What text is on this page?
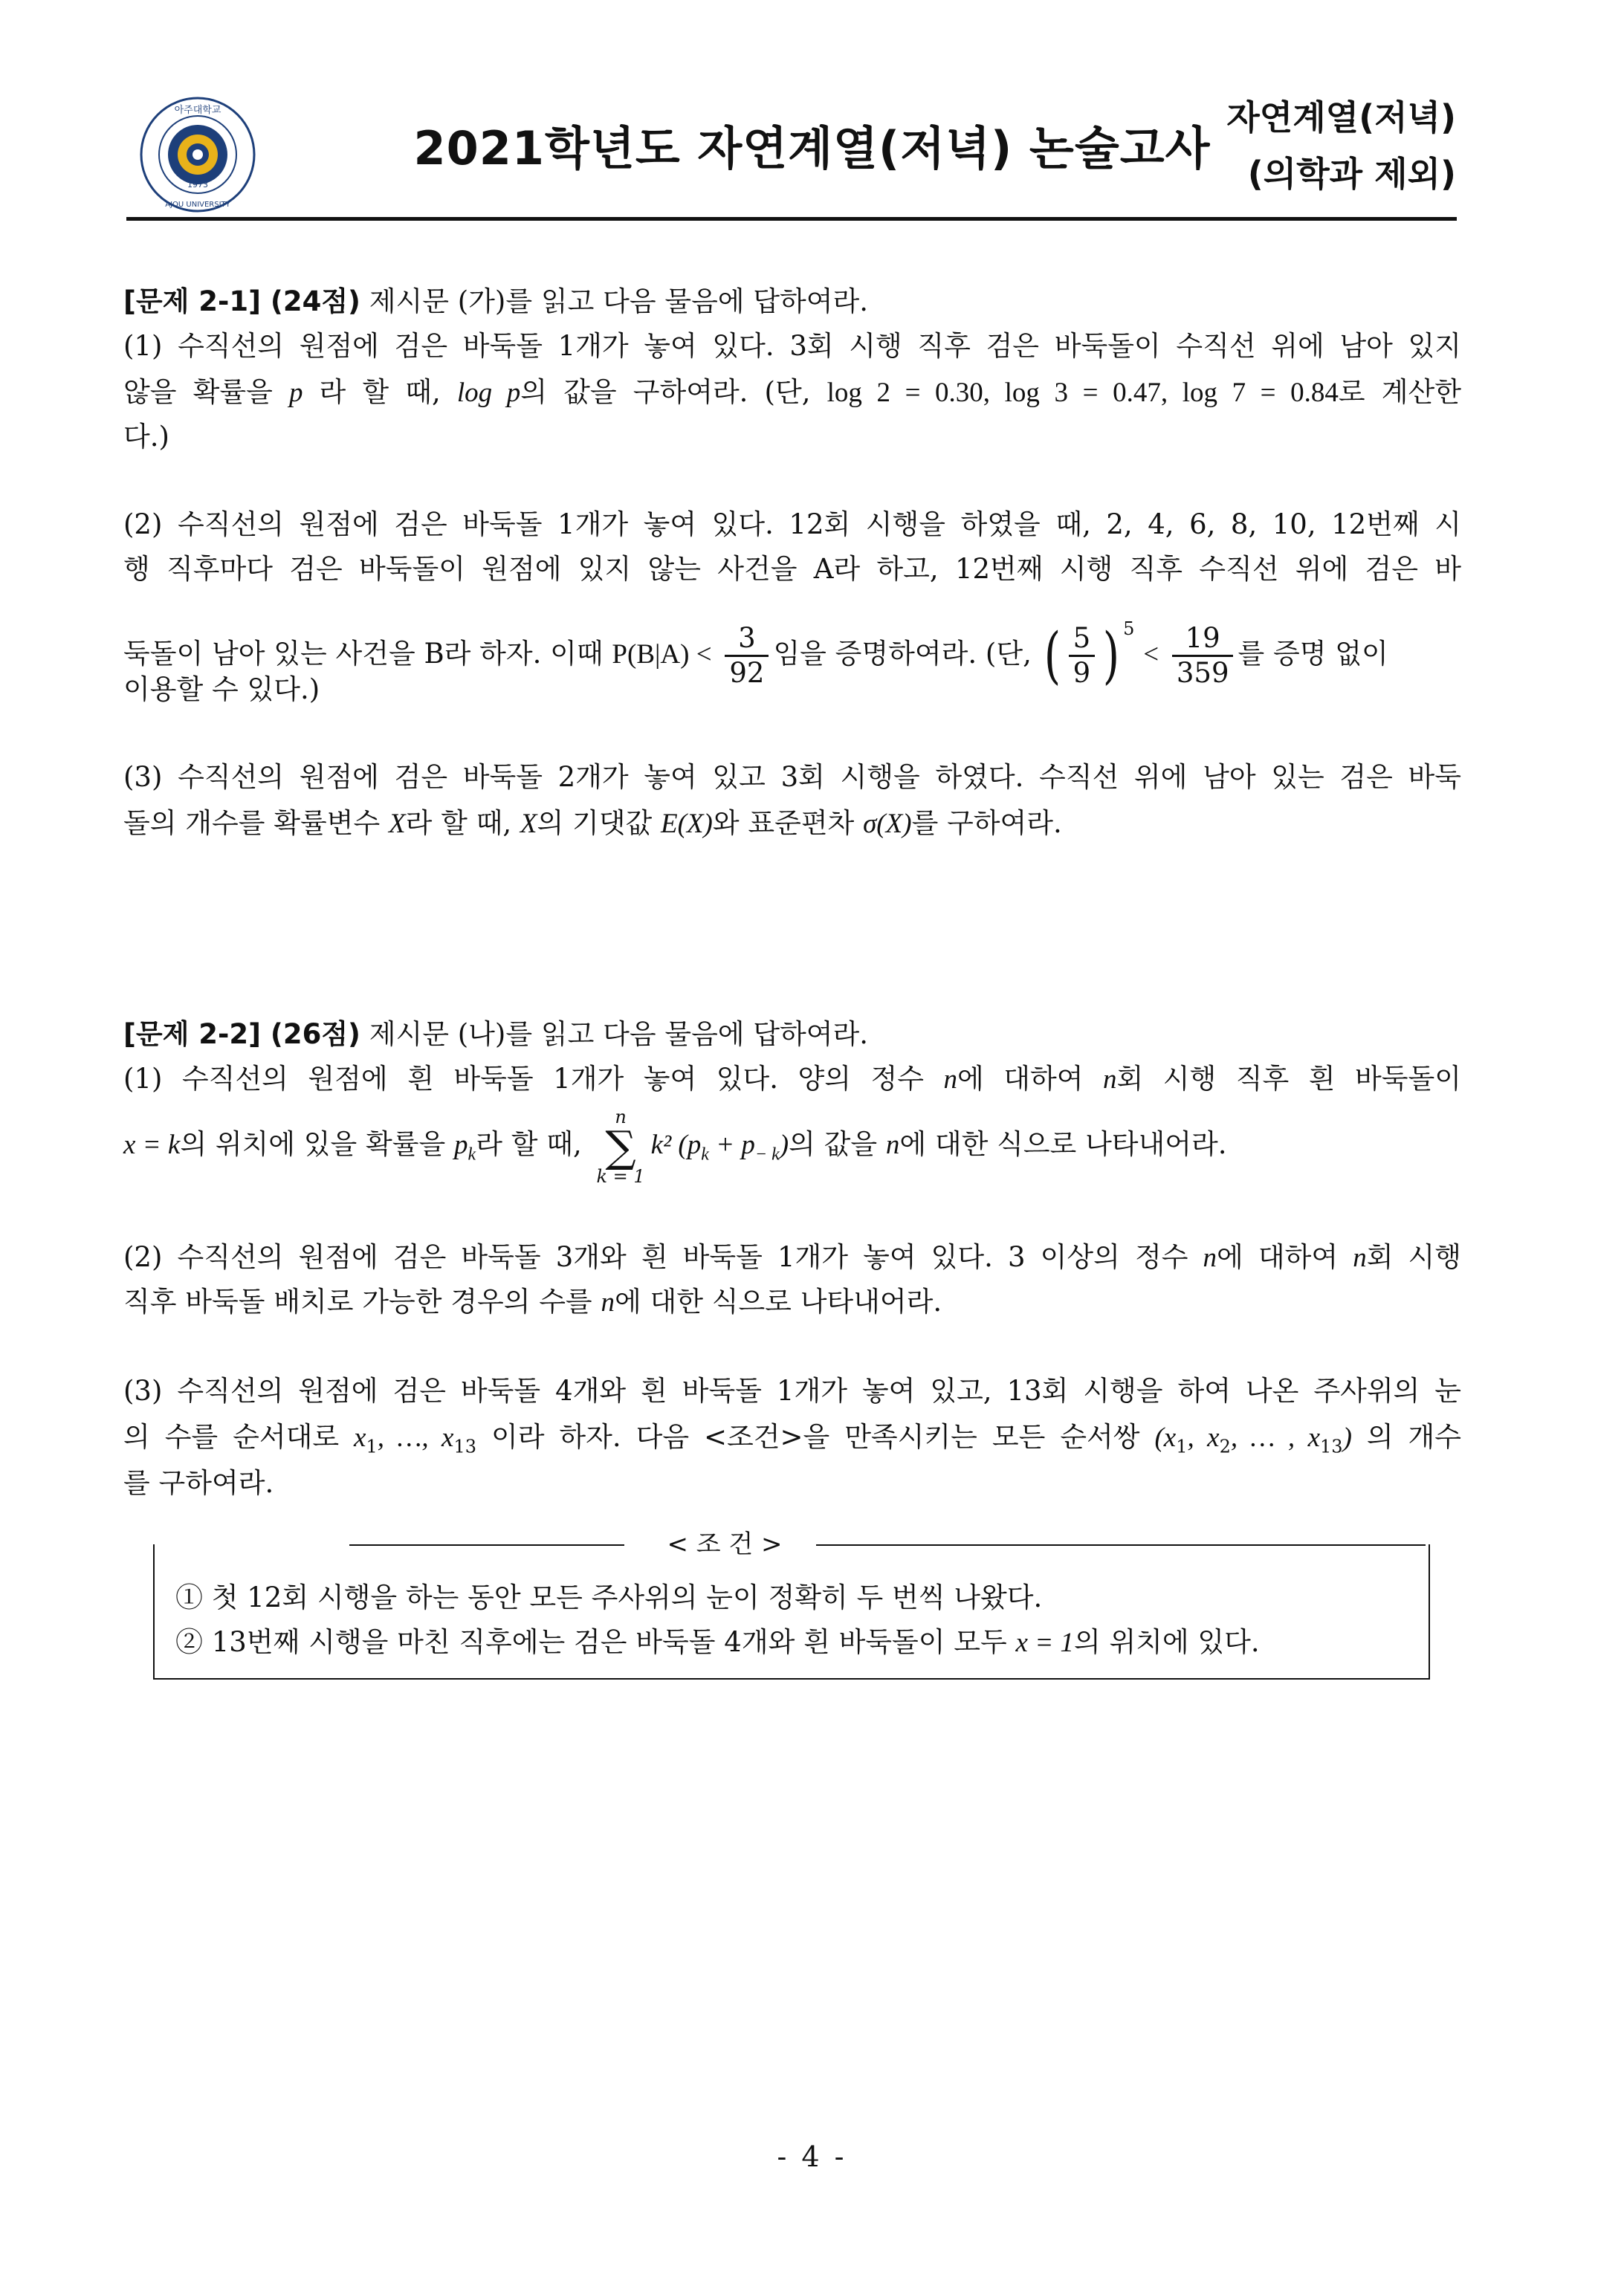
1973
아주대학교
AJOU UNIVERSITY
2021학년도 자연계열(저녁) 논술고사
자연계열(저녁)
(의학과 제외)
[문제 2-1] (24점) 제시문 (가)를 읽고 다음 물음에 답하여라.
(1) 수직선의 원점에 검은 바둑돌 1개가 놓여 있다. 3회 시행 직후 검은 바둑돌이 수직선 위에 남아 있지
않을 확률을 p 라 할 때, log p의 값을 구하여라. (단, log 2 = 0.30, log 3 = 0.47, log 7 = 0.84로 계산한
다.)
(2) 수직선의 원점에 검은 바둑돌 1개가 놓여 있다. 12회 시행을 하였을 때, 2, 4, 6, 8, 10, 12번째 시
행 직후마다 검은 바둑돌이 원점에 있지 않는 사건을 A라 하고, 12번째 시행 직후 수직선 위에 검은 바
둑돌이 남아 있는 사건을 B라 하자. 이때 $P(B|A) < \frac{3}{92}$ 임을 증명하여라. (단, ( $\frac{5}{9}$ ) $^5 < \frac{19}{359}$ 를 증명 없이
이용할 수 있다.)
(3) 수직선의 원점에 검은 바둑돌 2개가 놓여 있고 3회 시행을 하였다. 수직선 위에 남아 있는 검은 바둑
돌의 개수를 확률변수 X라 할 때, X의 기댓값 E(X)와 표준편차 σ(X)를 구하여라.
[문제 2-2] (26점) 제시문 (나)를 읽고 다음 물음에 답하여라.
(1) 수직선의 원점에 흰 바둑돌 1개가 놓여 있다. 양의 정수 n에 대하여 n회 시행 직후 흰 바둑돌이
x = k의 위치에 있을 확률을 $p_k$라 할 때,
n
∑
k = 1
k² $(p_k + p_{- k})$의 값을 n에 대한 식으로 나타내어라.
(2) 수직선의 원점에 검은 바둑돌 3개와 흰 바둑돌 1개가 놓여 있다. 3 이상의 정수 n에 대하여 n회 시행
직후 바둑돌 배치로 가능한 경우의 수를 n에 대한 식으로 나타내어라.
(3) 수직선의 원점에 검은 바둑돌 4개와 흰 바둑돌 1개가 놓여 있고, 13회 시행을 하여 나온 주사위의 눈
의 수를 순서대로 $x_1$, …, $x_{13}$ 이라 하자. 다음 <조건>을 만족시키는 모든 순서쌍 ($x_1$, $x_2$, … , $x_{13}$) 의 개수
를 구하여라.
< 조 건 >
① 첫 12회 시행을 하는 동안 모든 주사위의 눈이 정확히 두 번씩 나왔다.
② 13번째 시행을 마친 직후에는 검은 바둑돌 4개와 흰 바둑돌이 모두 x = 1의 위치에 있다.
- 4 -
